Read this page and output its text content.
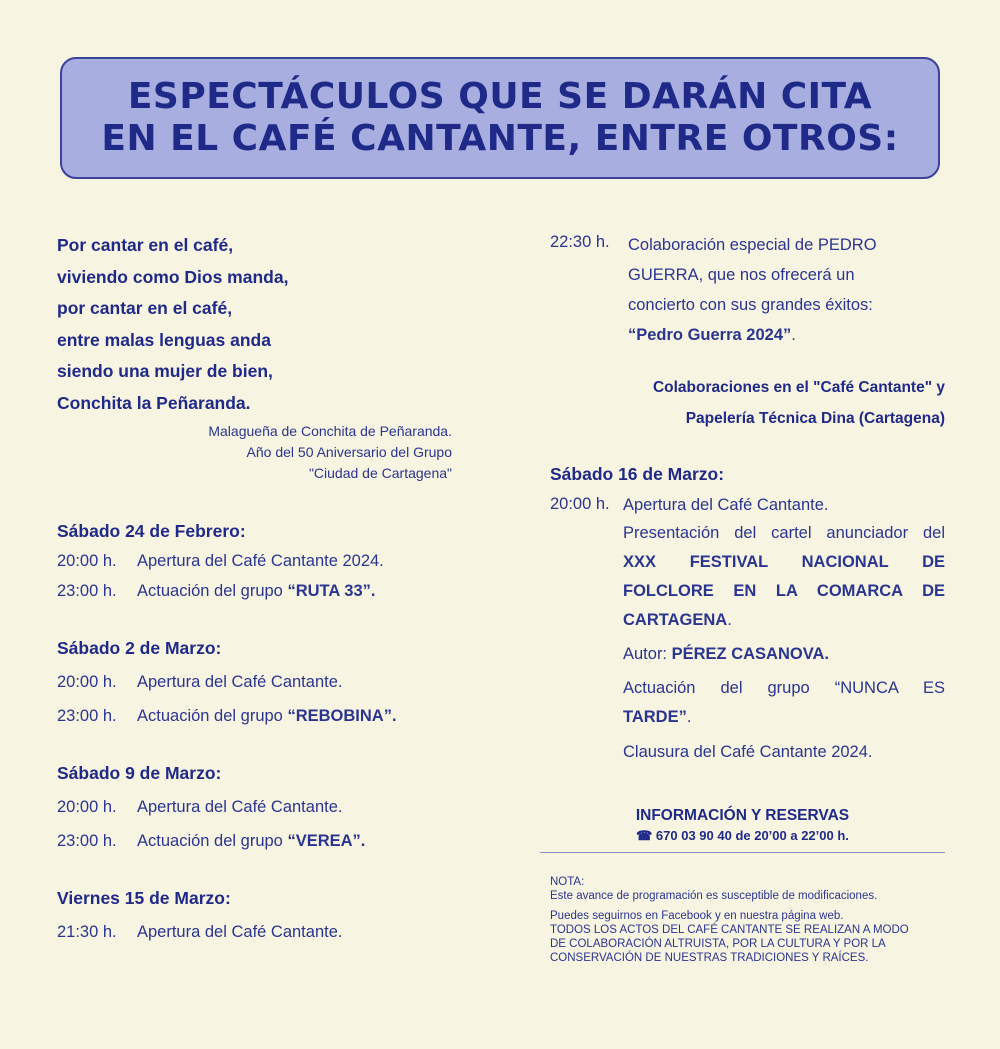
ESPECTÁCULOS QUE SE DARÁN CITA
EN EL CAFÉ CANTANTE, ENTRE OTROS:
Por cantar en el café,
viviendo como Dios manda,
por cantar en el café,
entre malas lenguas anda
siendo una mujer de bien,
Conchita la Peñaranda.
Malagueña de Conchita de Peñaranda.
Año del 50 Aniversario del Grupo
"Ciudad de Cartagena"
Sábado 24 de Febrero:
20:00 h.	Apertura del Café Cantante 2024.
23:00 h.	Actuación del grupo “RUTA 33”.
Sábado 2 de Marzo:
20:00 h.	Apertura del Café Cantante.
23:00 h.	Actuación del grupo “REBOBINA”.
Sábado 9 de Marzo:
20:00 h.	Apertura del Café Cantante.
23:00 h.	Actuación del grupo “VEREA”.
Viernes 15 de Marzo:
21:30 h.	Apertura del Café Cantante.
22:30 h.	Colaboración especial de PEDRO
GUERRA, que nos ofrecerá un
concierto con sus grandes éxitos:
“Pedro Guerra 2024”.
Colaboraciones en el "Café Cantante" y
Papelería Técnica Dina (Cartagena)
Sábado 16 de Marzo:
20:00 h. Apertura del Café Cantante.
Presentación del cartel anunciador del
XXX FESTIVAL NACIONAL DE
FOLCLORE EN LA COMARCA DE
CARTAGENA.
Autor: PÉREZ CASANOVA.
Actuación del grupo “NUNCA ES
TARDE”.
Clausura del Café Cantante 2024.
INFORMACIÓN Y RESERVAS
☎ 670 03 90 40 de 20’00 a 22’00 h.
NOTA:
Este avance de programación es susceptible de modificaciones.
Puedes seguirnos en Facebook y en nuestra página web.
TODOS LOS ACTOS DEL CAFÉ CANTANTE SE REALIZAN A MODO
DE COLABORACIÓN ALTRUISTA, POR LA CULTURA Y POR LA
CONSERVACIÓN DE NUESTRAS TRADICIONES Y RAÍCES.
